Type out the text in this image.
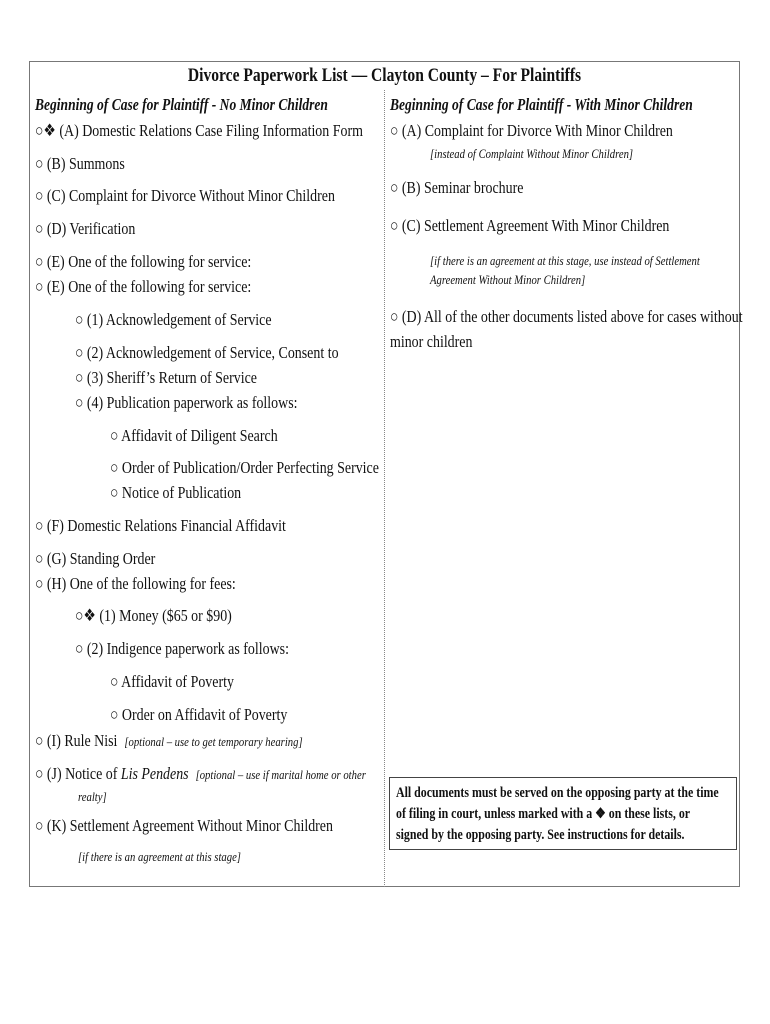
Divorce Paperwork List — Clayton County – For Plaintiffs
Beginning of Case for Plaintiff - No Minor Children
○❖ (A) Domestic Relations Case Filing Information Form
○ (B) Summons
○ (C) Complaint for Divorce Without Minor Children
○ (D) Verification
○ (E) One of the following for service:
○ (E) One of the following for service:
○ (1) Acknowledgement of Service
○ (2) Acknowledgement of Service, Consent to
○ (3) Sheriff’s Return of Service
○ (4) Publication paperwork as follows:
○ Affidavit of Diligent Search
○ Order of Publication/Order Perfecting Service
○ Notice of Publication
○ (F) Domestic Relations Financial Affidavit
○ (G) Standing Order
○ (H) One of the following for fees:
○❖ (1) Money ($65 or $90)
○ (2) Indigence paperwork as follows:
○ Affidavit of Poverty
○ Order on Affidavit of Poverty
○ (I) Rule Nisi [optional – use to get temporary hearing]
○ (J) Notice of Lis Pendens [optional – use if marital home or other
realty]
○ (K) Settlement Agreement Without Minor Children
[if there is an agreement at this stage]
Beginning of Case for Plaintiff - With Minor Children
○ (A) Complaint for Divorce With Minor Children
[instead of Complaint Without Minor Children]
○ (B) Seminar brochure
○ (C) Settlement Agreement With Minor Children
[if there is an agreement at this stage, use instead of Settlement
Agreement Without Minor Children]
○ (D) All of the other documents listed above for cases without
minor children
All documents must be served on the opposing party at the time of filing in court, unless marked with a ❖ on these lists, or signed by the opposing party. See instructions for details.
